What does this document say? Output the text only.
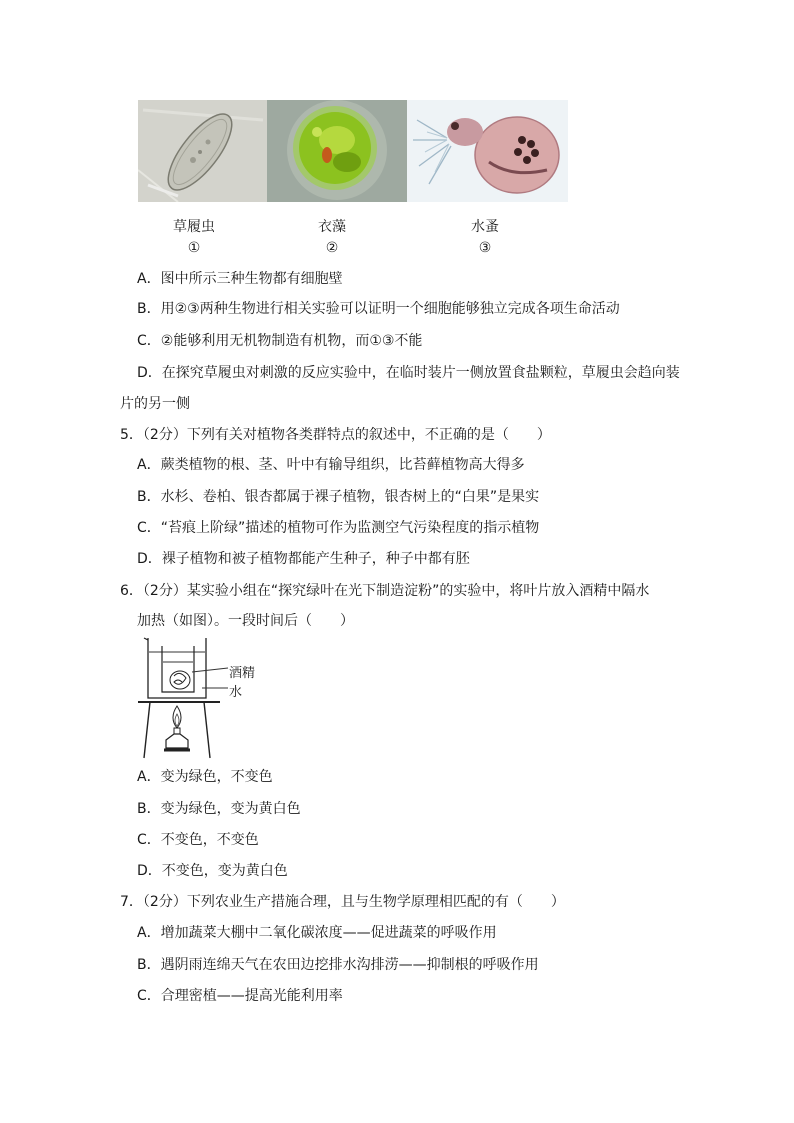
草履虫	衣藻	水蚤
①	②	③
A．图中所示三种生物都有细胞壁
B．用②③两种生物进行相关实验可以证明一个细胞能够独立完成各项生命活动
C．②能够利用无机物制造有机物，而①③不能
D．在探究草履虫对刺激的反应实验中，在临时装片一侧放置食盐颗粒，草履虫会趋向装
片的另一侧
5．（2分）下列有关对植物各类群特点的叙述中，不正确的是（　　）
A．蕨类植物的根、茎、叶中有输导组织，比苔藓植物高大得多
B．水杉、卷柏、银杏都属于裸子植物，银杏树上的“白果”是果实
C．“苔痕上阶绿”描述的植物可作为监测空气污染程度的指示植物
D．裸子植物和被子植物都能产生种子，种子中都有胚
6．（2分）某实验小组在“探究绿叶在光下制造淀粉”的实验中，将叶片放入酒精中隔水
加热（如图）。一段时间后（　　）
酒精
水
A．变为绿色，不变色
B．变为绿色，变为黄白色
C．不变色，不变色
D．不变色，变为黄白色
7．（2分）下列农业生产措施合理，且与生物学原理相匹配的有（　　）
A．增加蔬菜大棚中二氧化碳浓度——促进蔬菜的呼吸作用
B．遇阴雨连绵天气在农田边挖排水沟排涝——抑制根的呼吸作用
C．合理密植——提高光能利用率
